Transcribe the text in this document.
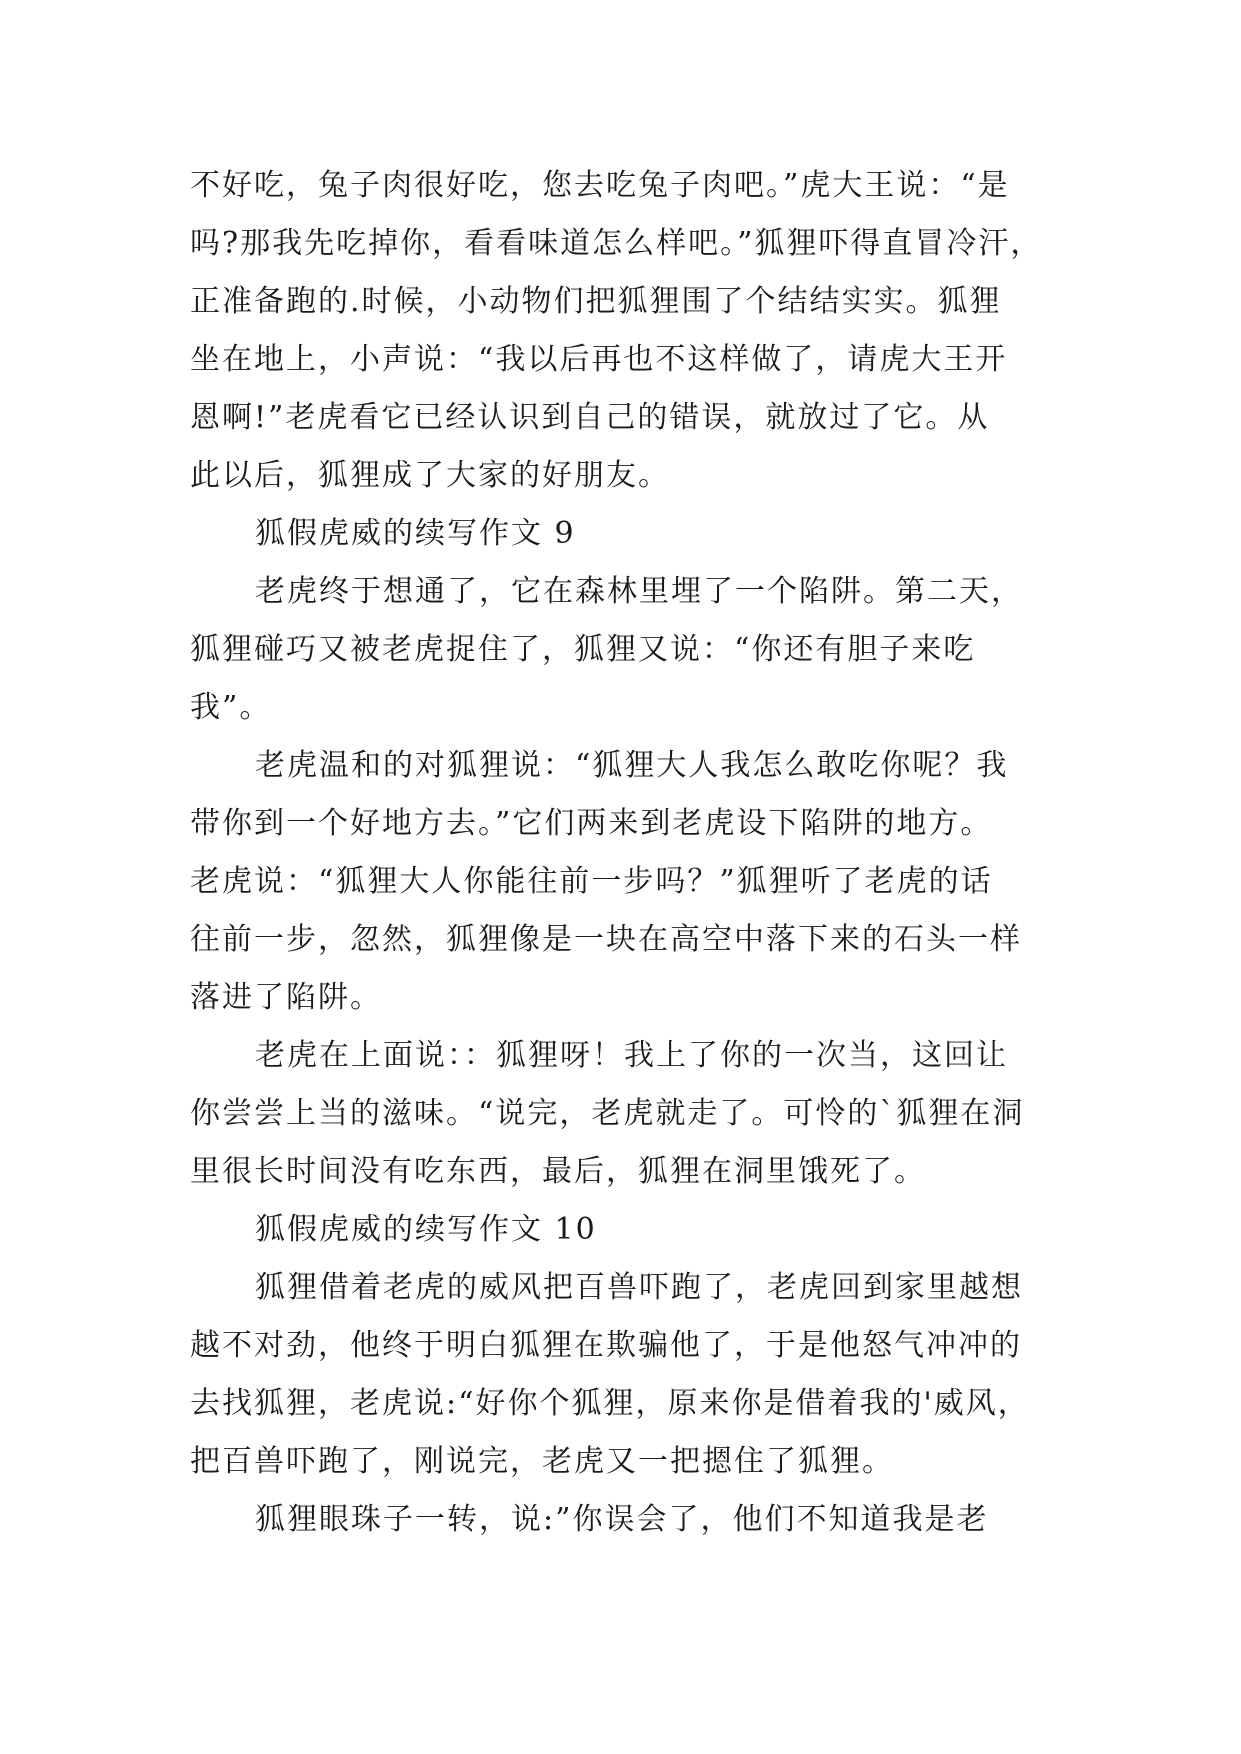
不好吃，兔子肉很好吃，您去吃兔子肉吧。”虎大王说：“是
吗?那我先吃掉你，看看味道怎么样吧。”狐狸吓得直冒冷汗，
正准备跑的.时候，小动物们把狐狸围了个结结实实。狐狸
坐在地上，小声说：“我以后再也不这样做了，请虎大王开
恩啊!”老虎看它已经认识到自己的错误，就放过了它。从
此以后，狐狸成了大家的好朋友。
狐假虎威的续写作文 9
老虎终于想通了，它在森林里埋了一个陷阱。第二天，
狐狸碰巧又被老虎捉住了，狐狸又说：“你还有胆子来吃
我”。
老虎温和的对狐狸说：“狐狸大人我怎么敢吃你呢？我
带你到一个好地方去。”它们两来到老虎设下陷阱的地方。
老虎说：“狐狸大人你能往前一步吗？”狐狸听了老虎的话
往前一步，忽然，狐狸像是一块在高空中落下来的石头一样
落进了陷阱。
老虎在上面说：：狐狸呀！我上了你的一次当，这回让
你尝尝上当的滋味。“说完，老虎就走了。可怜的`狐狸在洞
里很长时间没有吃东西，最后，狐狸在洞里饿死了。
狐假虎威的续写作文 10
狐狸借着老虎的威风把百兽吓跑了，老虎回到家里越想
越不对劲，他终于明白狐狸在欺骗他了，于是他怒气冲冲的
去找狐狸，老虎说:“好你个狐狸，原来你是借着我的'威风，
把百兽吓跑了，刚说完，老虎又一把摁住了狐狸。
狐狸眼珠子一转，说:”你误会了，他们不知道我是老
